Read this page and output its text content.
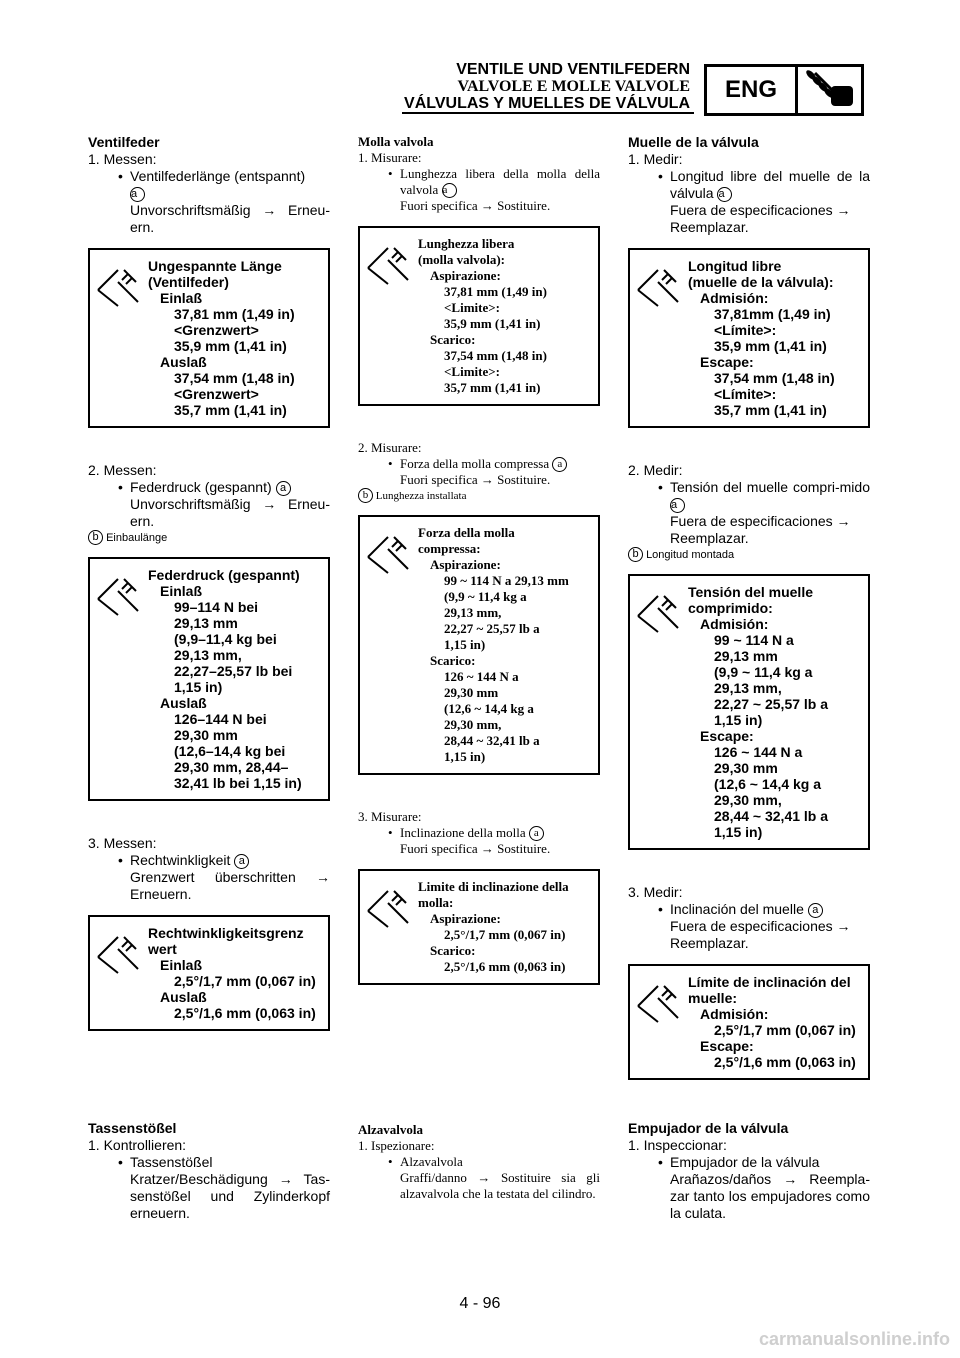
VENTILE UND VENTILFEDERN
VALVOLE E MOLLE VALVOLE
VÁLVULAS Y MUELLES DE VÁLVULA
ENG
Ventilfeder
1. Messen:
• Ventilfederlänge (entspannt)
a
Unvorschriftsmäßig → Erneu-ern.
Ungespannte Länge
(Ventilfeder)
Einlaß
37,81 mm (1,49 in)
<Grenzwert>
35,9 mm (1,41 in)
Auslaß
37,54 mm (1,48 in)
<Grenzwert>
35,7 mm (1,41 in)
2. Messen:
• Federdruck (gespannt) a
Unvorschriftsmäßig → Erneu-ern.
b Einbaulänge
Federdruck (gespannt)
Einlaß
99–114 N bei
29,13 mm
(9,9–11,4 kg bei
29,13 mm,
22,27–25,57 lb bei
1,15 in)
Auslaß
126–144 N bei
29,30 mm
(12,6–14,4 kg bei
29,30 mm, 28,44–
32,41 lb bei 1,15 in)
3. Messen:
• Rechtwinkligkeit a
Grenzwert überschritten → Erneuern.
Rechtwinkligkeitsgrenz
wert
Einlaß
2,5°/1,7 mm (0,067 in)
Auslaß
2,5°/1,6 mm (0,063 in)
Tassenstößel
1. Kontrollieren:
• Tassenstößel
Kratzer/Beschädigung → Tas-senstößel und Zylinderkopf erneuern.
Molla valvola
1. Misurare:
• Lunghezza libera della molla della valvola a
Fuori specifica → Sostituire.
Lunghezza libera
(molla valvola):
Aspirazione:
37,81 mm (1,49 in)
<Limite>:
35,9 mm (1,41 in)
Scarico:
37,54 mm (1,48 in)
<Limite>:
35,7 mm (1,41 in)
2. Misurare:
• Forza della molla compressa a
Fuori specifica → Sostituire.
b Lunghezza installata
Forza della molla
compressa:
Aspirazione:
99 ~ 114 N a 29,13 mm
(9,9 ~ 11,4 kg a
29,13 mm,
22,27 ~ 25,57 lb a
1,15 in)
Scarico:
126 ~ 144 N a
29,30 mm
(12,6 ~ 14,4 kg a
29,30 mm,
28,44 ~ 32,41 lb a
1,15 in)
3. Misurare:
• Inclinazione della molla a
Fuori specifica → Sostituire.
Limite di inclinazione della
molla:
Aspirazione:
2,5°/1,7 mm (0,067 in)
Scarico:
2,5°/1,6 mm (0,063 in)
Alzavalvola
1. Ispezionare:
• Alzavalvola
Graffi/danno → Sostituire sia gli alzavalvola che la testata del cilindro.
Muelle de la válvula
1. Medir:
• Longitud libre del muelle de la válvula a
Fuera de especificaciones → Reemplazar.
Longitud libre
(muelle de la válvula):
Admisión:
37,81mm (1,49 in)
<Límite>:
35,9 mm (1,41 in)
Escape:
37,54 mm (1,48 in)
<Límite>:
35,7 mm (1,41 in)
2. Medir:
• Tensión del muelle compri-mido a
Fuera de especificaciones → Reemplazar.
b Longitud montada
Tensión del muelle
comprimido:
Admisión:
99 ~ 114 N a
29,13 mm
(9,9 ~ 11,4 kg a
29,13 mm,
22,27 ~ 25,57 lb a
1,15 in)
Escape:
126 ~ 144 N a
29,30 mm
(12,6 ~ 14,4 kg a
29,30 mm,
28,44 ~ 32,41 lb a
1,15 in)
3. Medir:
• Inclinación del muelle a
Fuera de especificaciones → Reemplazar.
Límite de inclinación del
muelle:
Admisión:
2,5°/1,7 mm (0,067 in)
Escape:
2,5°/1,6 mm (0,063 in)
Empujador de la válvula
1. Inspeccionar:
• Empujador de la válvula
Arañazos/daños → Reempla-zar tanto los empujadores como la culata.
4 - 96
carmanualsonline.info
